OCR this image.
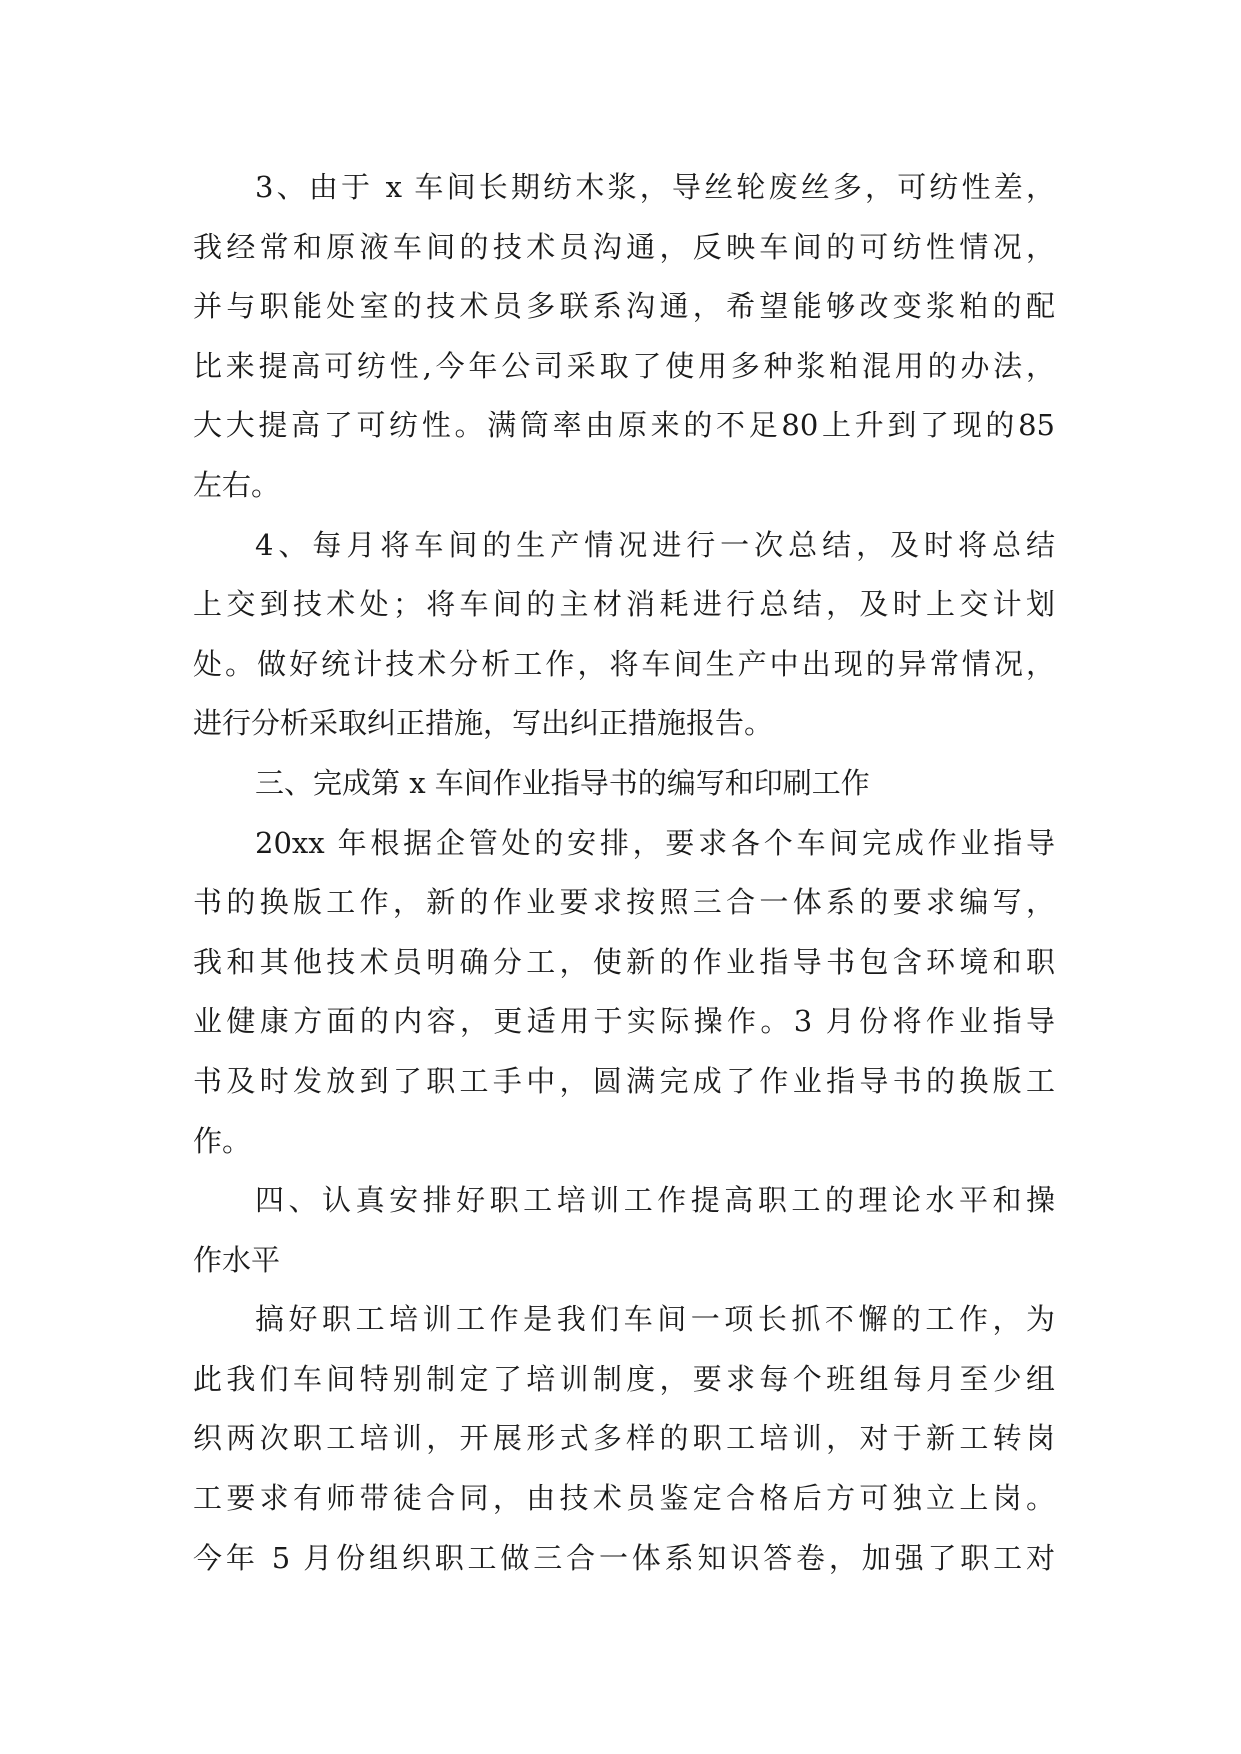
3、由于 x 车间长期纺木浆，导丝轮废丝多，可纺性差，
我经常和原液车间的技术员沟通，反映车间的可纺性情况，
并与职能处室的技术员多联系沟通，希望能够改变浆粕的配
比来提高可纺性,今年公司采取了使用多种浆粕混用的办法，
大大提高了可纺性。满筒率由原来的不足80上升到了现的85
左右。
4、每月将车间的生产情况进行一次总结，及时将总结
上交到技术处；将车间的主材消耗进行总结，及时上交计划
处。做好统计技术分析工作，将车间生产中出现的异常情况，
进行分析采取纠正措施，写出纠正措施报告。
三、完成第 x 车间作业指导书的编写和印刷工作
20xx 年根据企管处的安排，要求各个车间完成作业指导
书的换版工作，新的作业要求按照三合一体系的要求编写，
我和其他技术员明确分工，使新的作业指导书包含环境和职
业健康方面的内容，更适用于实际操作。3 月份将作业指导
书及时发放到了职工手中，圆满完成了作业指导书的换版工
作。
四、认真安排好职工培训工作提高职工的理论水平和操
作水平
搞好职工培训工作是我们车间一项长抓不懈的工作，为
此我们车间特别制定了培训制度，要求每个班组每月至少组
织两次职工培训，开展形式多样的职工培训，对于新工转岗
工要求有师带徒合同，由技术员鉴定合格后方可独立上岗。
今年 5 月份组织职工做三合一体系知识答卷，加强了职工对
